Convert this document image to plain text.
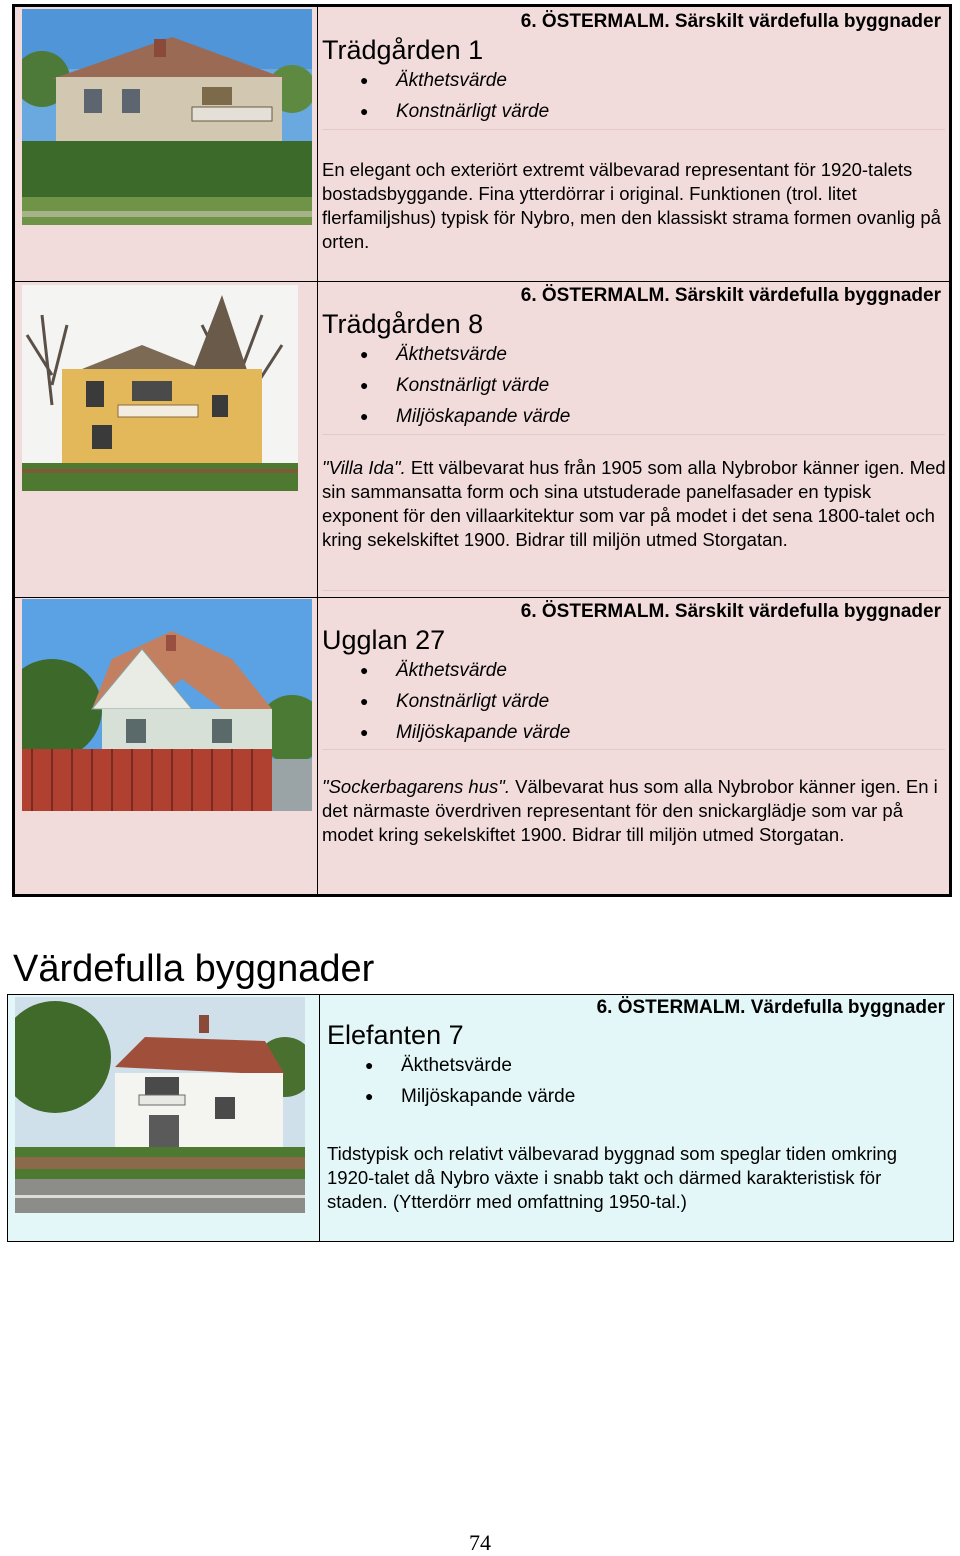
6. ÖSTERMALM. Särskilt värdefulla byggnader
Trädgården 1
● Äkthetsvärde
● Konstnärligt värde

En elegant och exteriört extremt välbevarad representant för 1920-talets bostadsbyggande. Fina ytterdörrar i original. Funktionen (trol. litet flerfamiljshus) typisk för Nybro, men den klassiskt strama formen ovanlig på orten.

6. ÖSTERMALM. Särskilt värdefulla byggnader
Trädgården 8
● Äkthetsvärde
● Konstnärligt värde
● Miljöskapande värde

"Villa Ida". Ett välbevarat hus från 1905 som alla Nybrobor känner igen. Med sin sammansatta form och sina utstuderade panelfasader en typisk exponent för den villaarkitektur som var på modet i det sena 1800-talet och kring sekelskiftet 1900. Bidrar till miljön utmed Storgatan.

6. ÖSTERMALM. Särskilt värdefulla byggnader
Ugglan 27
● Äkthetsvärde
● Konstnärligt värde
● Miljöskapande värde

"Sockerbagarens hus". Välbevarat hus som alla Nybrobor känner igen. En i det närmaste överdriven representant för den snickarglädje som var på modet kring sekelskiftet 1900. Bidrar till miljön utmed Storgatan.

Värdefulla byggnader
6. ÖSTERMALM. Värdefulla byggnader
Elefanten 7
● Äkthetsvärde
● Miljöskapande värde

Tidstypisk och relativt välbevarad byggnad som speglar tiden omkring 1920-talet då Nybro växte i snabb takt och därmed karakteristisk för staden. (Ytterdörr med omfattning 1950-tal.)

74
